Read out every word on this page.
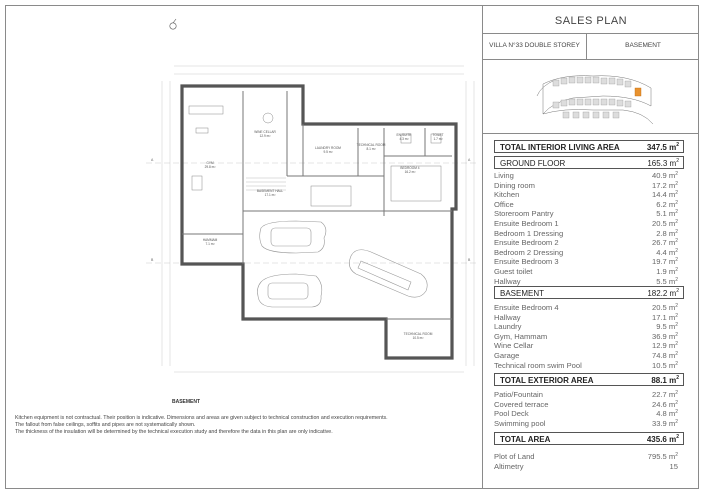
A	A
B	B
GYM
29.8 m²
WINE CELLAR
12.9 m²
LAUNDRY ROOM
9.5 m²
TECHNICAL ROOM
8.1 m²
EN-SUITE
4.3 m²
TOILET
1.7 m²
BEDROOM 4
16.2 m²
BASEMENT HALL
17.1 m²
HAMMAM
7.1 m²
TECHNICAL ROOM
10.5 m²
BASEMENT
Kitchen equipment is not contractual. Their position is indicative. Dimensions and areas are given subject to technical construction and execution requirements.
The fallout from false ceilings, soffits and pipes are not systematically shown.
The thickness of the insulation will be determined by the technical execution study and therefore the data in this plan are only indicative.
SALES PLAN
VILLA N°33 DOUBLE STOREY	BASEMENT
TOTAL INTERIOR LIVING AREA	347.5 $m^2$
GROUND FLOOR	165.3 $m^2$
Living	40.9 $m^2$
Dining room	17.2 $m^2$
Kitchen	14.4 $m^2$
Office	6.2 $m^2$
Storeroom Pantry	5.1 $m^2$
Ensuite Bedroom 1	20.5 $m^2$
Bedroom 1 Dressing	2.8 $m^2$
Ensuite Bedroom 2	26.7 $m^2$
Bedroom 2 Dressing	4.4 $m^2$
Ensuite Bedroom 3	19.7 $m^2$
Guest toilet	1.9 $m^2$
Hallway	5.5 $m^2$
BASEMENT	182.2 $m^2$
Ensuite Bedroom 4	20.5 $m^2$
Hallway	17.1 $m^2$
Laundry	9.5 $m^2$
Gym, Hammam	36.9 $m^2$
Wine Cellar	12.9 $m^2$
Garage	74.8 $m^2$
Technical room swim Pool	10.5 $m^2$
TOTAL EXTERIOR AREA	88.1 $m^2$
Patio/Fountain	22.7 $m^2$
Covered terrace	24.6 $m^2$
Pool Deck	4.8 $m^2$
Swimming pool	33.9 $m^2$
TOTAL AREA	435.6 $m^2$
Plot of Land	795.5 $m^2$
Altimetry	15
